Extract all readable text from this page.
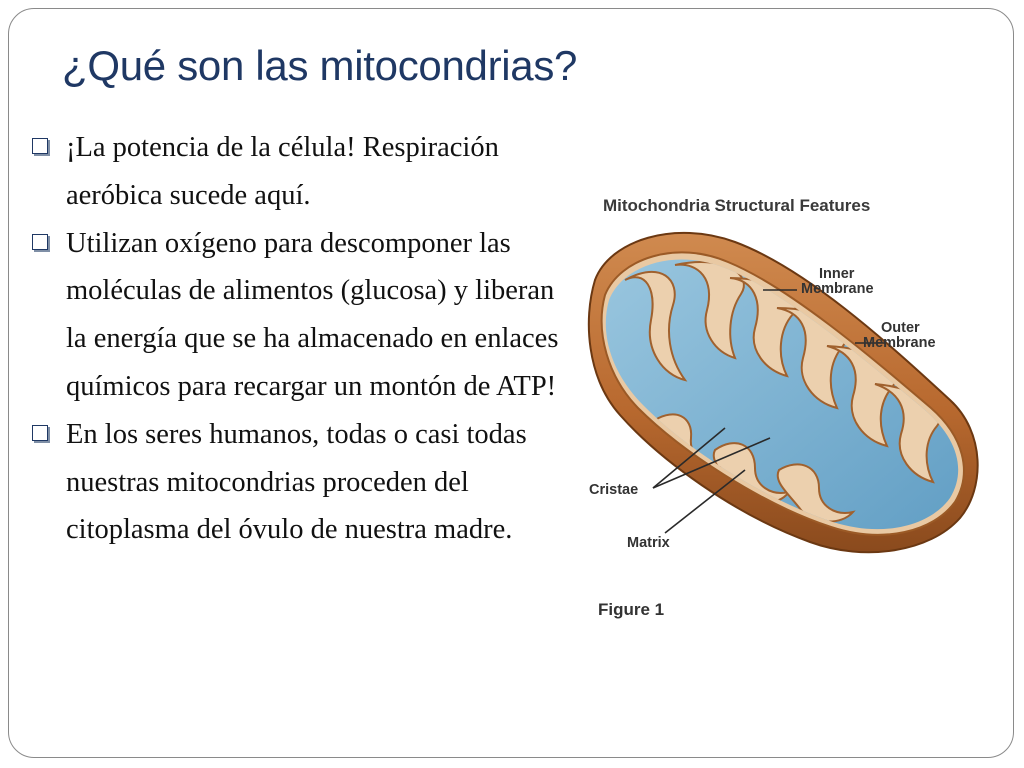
¿Qué son las mitocondrias?
¡La potencia de la célula! Respiración aeróbica sucede aquí.
Utilizan oxígeno para descomponer las moléculas de alimentos (glucosa) y liberan la energía que se ha almacenado en enlaces químicos para recargar un montón de ATP!
En los seres humanos, todas o casi todas nuestras mitocondrias proceden del citoplasma del óvulo de nuestra madre.
Mitochondria Structural Features
Inner
Membrane
Outer
Membrane
Cristae
Matrix
Figure 1
